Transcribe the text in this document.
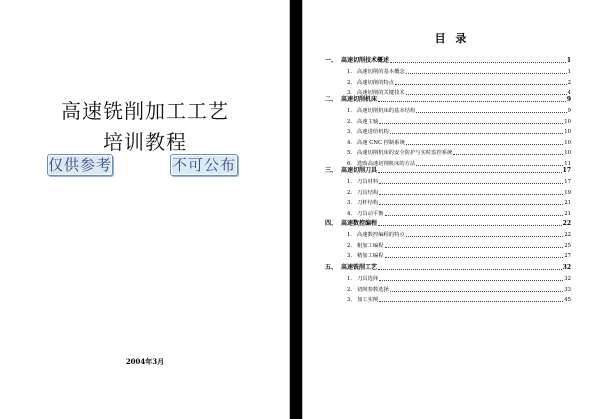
高速铣削加工工艺
培训教程
仅供参考	不可公布
2004年3月
目 录
一、 高速切削技术概述	1
1. 高速切削的基本概念	1
2. 高速切削的特点	2
3. 高速切削的关键技术	4
二、 高速切削机床	9
1. 高速切削机床的基本结构	9
2. 高速主轴	10
3. 高速进给机构	10
4. 高速 CNC 控制系统	10
5. 高速切削机床的安全防护与实时监控系统	10
6. 选购高速切削机床的方法	11
三、 高速切削刀具	17
1. 刀具材料	17
2. 刀具结构	19
3. 刀杆结构	21
4. 刀具动平衡	21
四、 高速数控编程	22
1. 高速数控编程的特点	22
2. 粗加工编程	25
3. 精加工编程	27
五、 高速铣削工艺	32
1. 刀具选择	32
2. 切削参数选择	33
3. 加工实例	45
